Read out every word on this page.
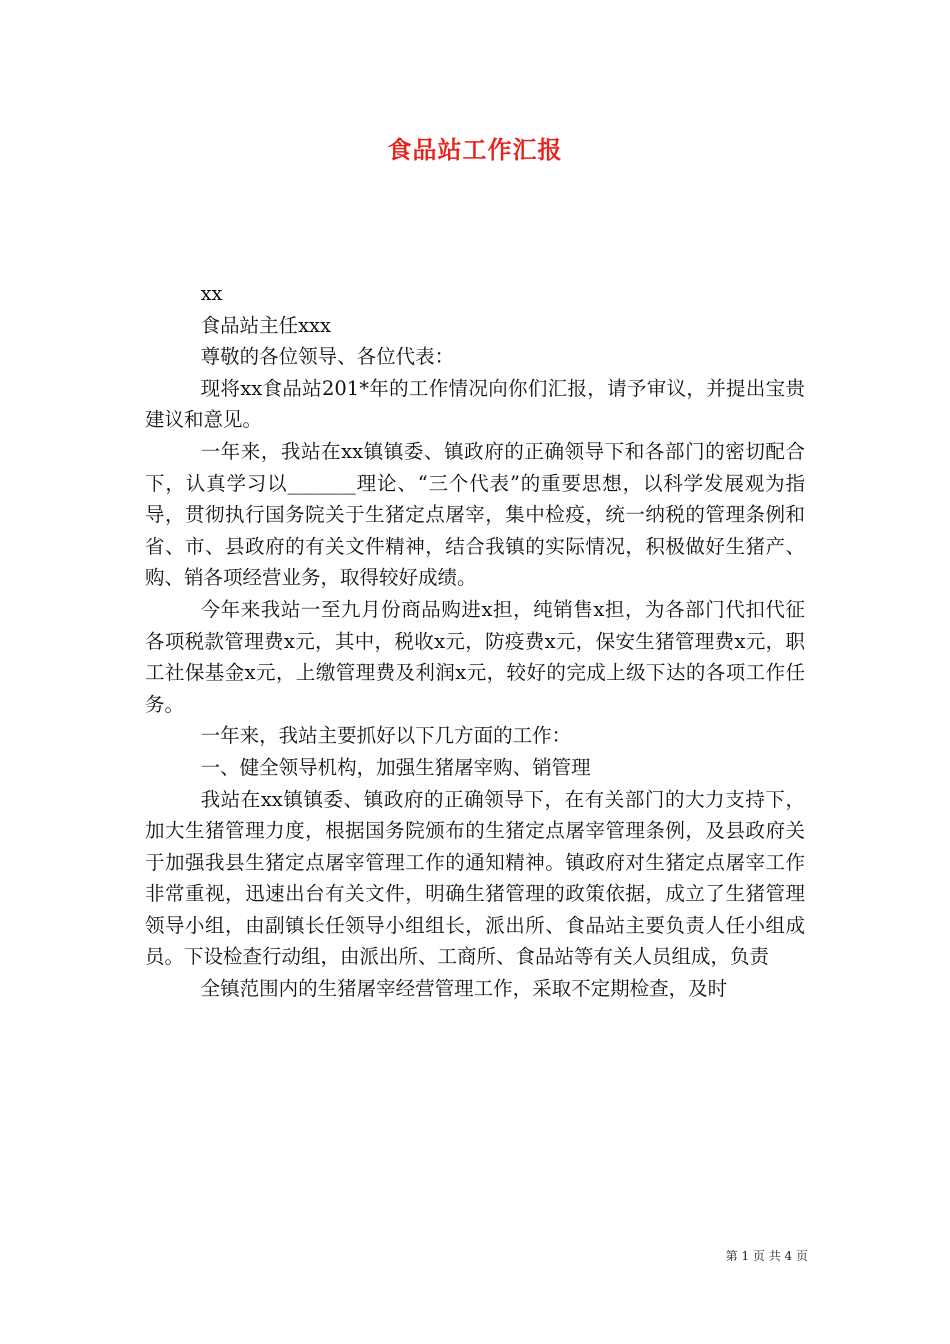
食品站工作汇报

xx

食品站主任xxx

尊敬的各位领导、各位代表：

现将xx食品站201*年的工作情况向你们汇报，请予审议，并提出宝贵建议和意见。

一年来，我站在xx镇镇委、镇政府的正确领导下和各部门的密切配合下，认真学习以_______理论、“三个代表”的重要思想，以科学发展观为指导，贯彻执行国务院关于生猪定点屠宰，集中检疫，统一纳税的管理条例和省、市、县政府的有关文件精神，结合我镇的实际情况，积极做好生猪产、购、销各项经营业务，取得较好成绩。

今年来我站一至九月份商品购进x担，纯销售x担，为各部门代扣代征各项税款管理费x元，其中，税收x元，防疫费x元，保安生猪管理费x元，职工社保基金x元，上缴管理费及利润x元，较好的完成上级下达的各项工作任务。

一年来，我站主要抓好以下几方面的工作：

一、健全领导机构，加强生猪屠宰购、销管理

我站在xx镇镇委、镇政府的正确领导下，在有关部门的大力支持下，加大生猪管理力度，根据国务院颁布的生猪定点屠宰管理条例，及县政府关于加强我县生猪定点屠宰管理工作的通知精神。镇政府对生猪定点屠宰工作非常重视，迅速出台有关文件，明确生猪管理的政策依据，成立了生猪管理领导小组，由副镇长任领导小组组长，派出所、食品站主要负责人任小组成员。下设检查行动组，由派出所、工商所、食品站等有关人员组成，负责

全镇范围内的生猪屠宰经营管理工作，采取不定期检查，及时

第 1 页 共 4 页
